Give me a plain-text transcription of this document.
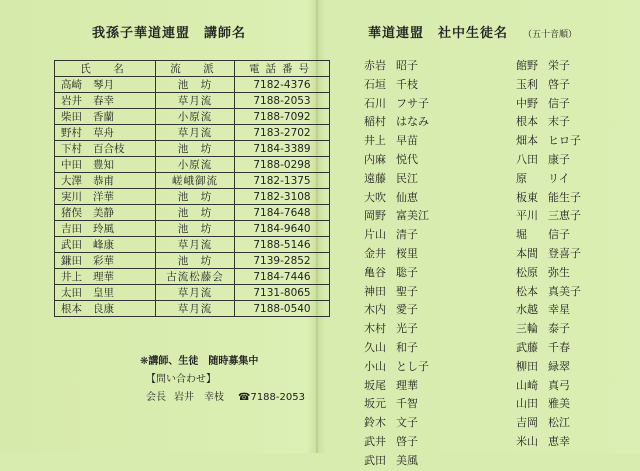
我孫子華道連盟 講師名
氏　名	流　派	電話番号
高崎 琴月	池　坊	7182-4376
岩井 春幸	草月流	7188-2053
柴田 香蘭	小原流	7188-7092
野村 草舟	草月流	7183-2702
下村 百合枝	池　坊	7184-3389
中田 豊知	小原流	7188-0298
大澤 恭甫	嵯峨御流	7182-1375
実川 洋華	池　坊	7182-3108
猪俣 美静	池　坊	7184-7648
吉田 玲風	池　坊	7184-9640
武田 峰康	草月流	7188-5146
鎌田 彩華	池　坊	7139-2852
井上 理華	古流松藤会	7184-7446
太田 皇里	草月流	7131-8065
根本 良康	草月流	7188-0540
❋講師、生徒　随時募集中
【問い合わせ】
会長 岩井　幸枝 ☎7188-2053
華道連盟 社中生徒名 （五十音順）
赤岩 昭子
石垣 千枝
石川 フサ子
稲村 はなみ
井上 早苗
内麻 悦代
遠藤 民江
大吹 仙恵
岡野 富美江
片山 清子
金井 桜里
亀谷 聡子
神田 聖子
木内 愛子
木村 光子
久山 和子
小山 とし子
坂尾 理華
坂元 千智
鈴木 文子
武井 啓子
武田 美風
館野 栄子
玉利 啓子
中野 信子
根本 末子
畑本 ヒロ子
八田 康子
原 リイ
板東 能生子
平川 三恵子
堀 信子
本間 登喜子
松原 弥生
松本 真美子
水越 幸星
三輪 泰子
武藤 千春
柳田 緑翠
山崎 真弓
山田 雅美
吉岡 松江
米山 恵幸
